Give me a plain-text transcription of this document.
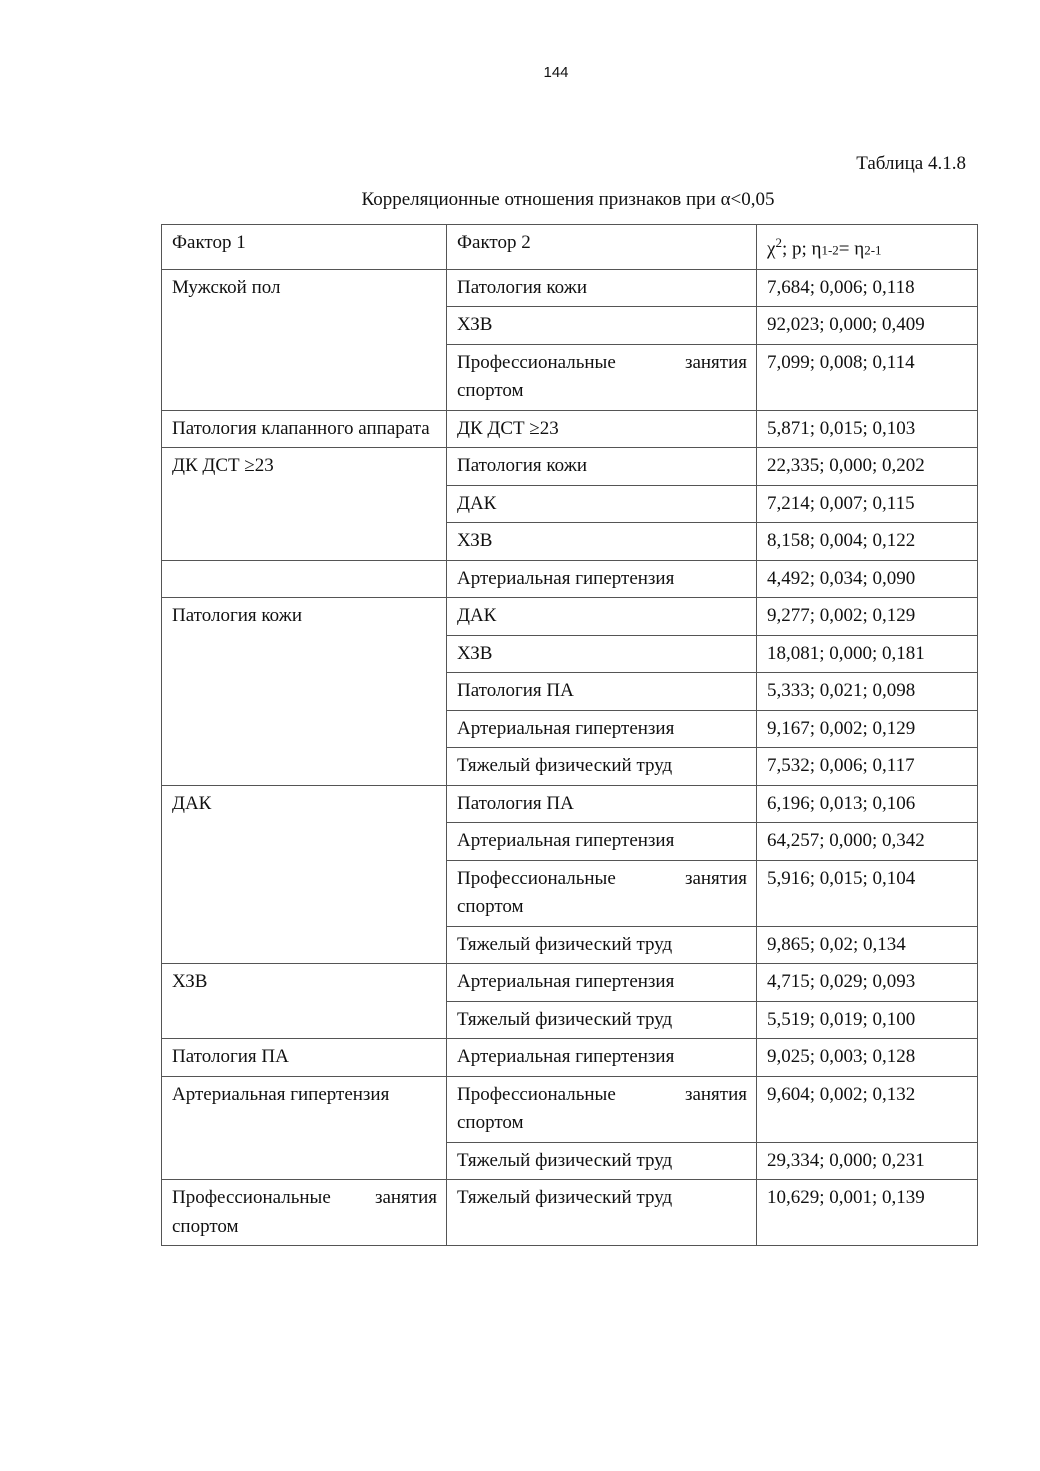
144
Таблица 4.1.8
Корреляционные отношения признаков при α<0,05
Фактор 1	Фактор 2	$\chi^2$; p; η1-2= η2-1
Мужской пол	Патология кожи	7,684; 0,006; 0,118
	ХЗВ	92,023; 0,000; 0,409
	Профессиональные занятия спортом	7,099; 0,008; 0,114
Патология клапанного аппарата	ДК ДСТ ≥23	5,871; 0,015; 0,103
ДК ДСТ ≥23	Патология кожи	22,335; 0,000; 0,202
	ДАК	7,214; 0,007; 0,115
	ХЗВ	8,158; 0,004; 0,122
	Артериальная гипертензия	4,492; 0,034; 0,090
Патология кожи	ДАК	9,277; 0,002; 0,129
	ХЗВ	18,081; 0,000; 0,181
	Патология ПА	5,333; 0,021; 0,098
	Артериальная гипертензия	9,167; 0,002; 0,129
	Тяжелый физический труд	7,532; 0,006; 0,117
ДАК	Патология ПА	6,196; 0,013; 0,106
	Артериальная гипертензия	64,257; 0,000; 0,342
	Профессиональные занятия спортом	5,916; 0,015; 0,104
	Тяжелый физический труд	9,865; 0,02; 0,134
ХЗВ	Артериальная гипертензия	4,715; 0,029; 0,093
	Тяжелый физический труд	5,519; 0,019; 0,100
Патология ПА	Артериальная гипертензия	9,025; 0,003; 0,128
Артериальная гипертензия	Профессиональные занятия спортом	9,604; 0,002; 0,132
	Тяжелый физический труд	29,334; 0,000; 0,231
Профессиональные занятия спортом	Тяжелый физический труд	10,629; 0,001; 0,139
